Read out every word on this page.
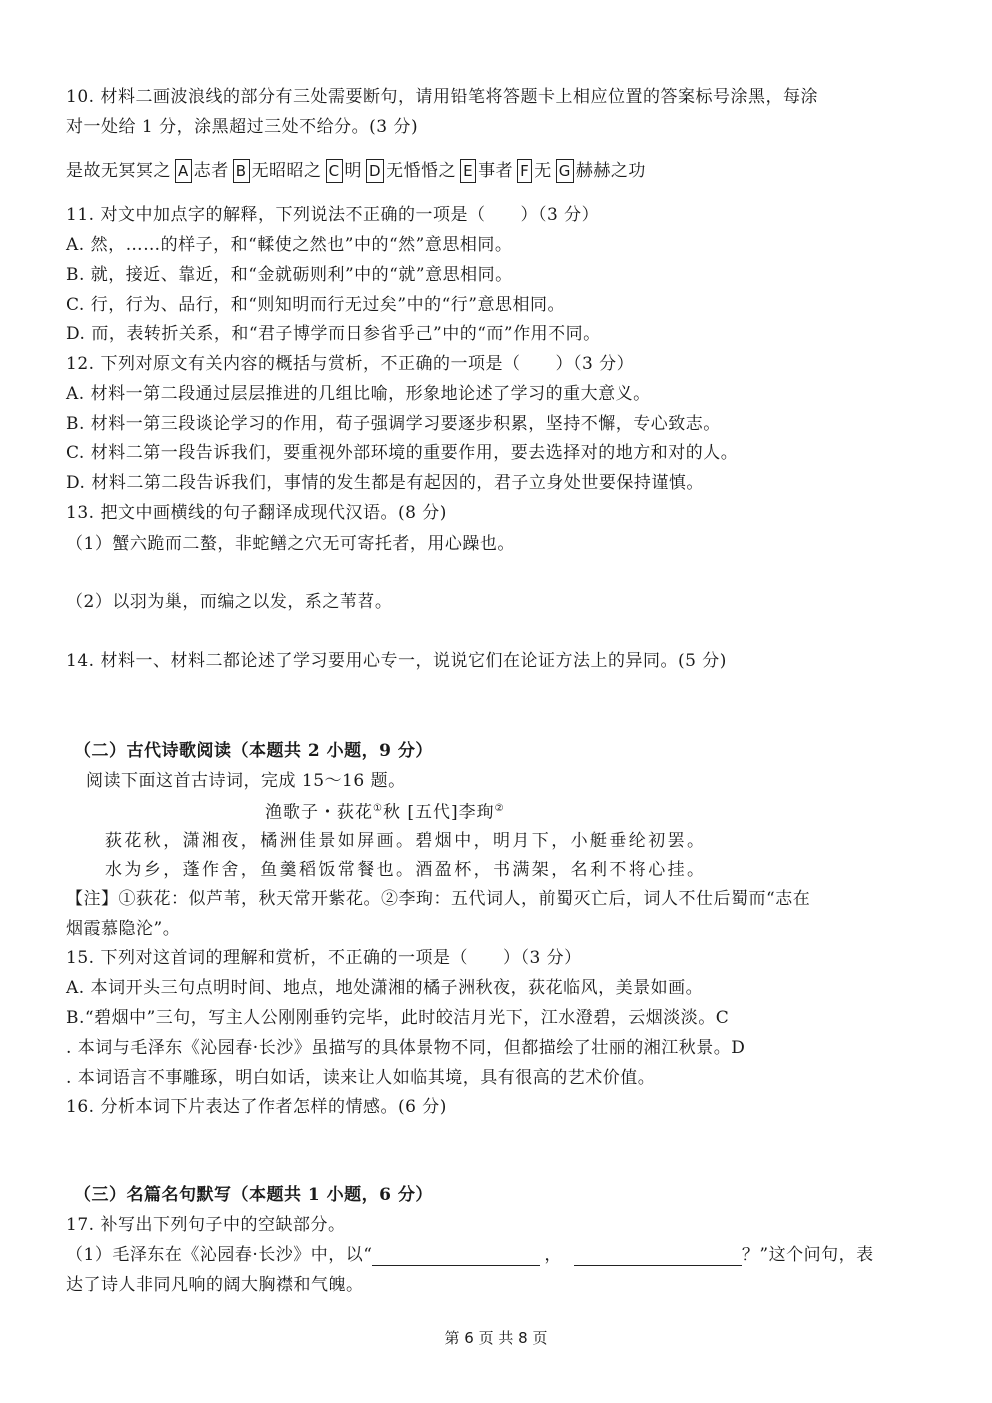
10. 材料二画波浪线的部分有三处需要断句，请用铅笔将答题卡上相应位置的答案标号涂黑，每涂
对一处给 1 分，涂黑超过三处不给分。(3 分)
是故无冥冥之 A 志者 B 无昭昭之 C 明 D 无惛惛之 E 事者 F 无 G 赫赫之功
11. 对文中加点字的解释，下列说法不正确的一项是（　　）（3 分）
A. 然，……的样子，和“輮使之然也”中的“然”意思相同。
B. 就，接近、靠近，和“金就砺则利”中的“就”意思相同。
C. 行，行为、品行，和“则知明而行无过矣”中的“行”意思相同。
D. 而，表转折关系，和“君子博学而日参省乎己”中的“而”作用不同。
12. 下列对原文有关内容的概括与赏析，不正确的一项是（　　）（3 分）
A. 材料一第二段通过层层推进的几组比喻，形象地论述了学习的重大意义。
B. 材料一第三段谈论学习的作用，荀子强调学习要逐步积累，坚持不懈，专心致志。
C. 材料二第一段告诉我们，要重视外部环境的重要作用，要去选择对的地方和对的人。
D. 材料二第二段告诉我们，事情的发生都是有起因的，君子立身处世要保持谨慎。
13. 把文中画横线的句子翻译成现代汉语。(8 分)
（1）蟹六跪而二螯，非蛇鳝之穴无可寄托者，用心躁也。
（2）以羽为巢，而编之以发，系之苇苕。
14. 材料一、材料二都论述了学习要用心专一，说说它们在论证方法上的异同。(5 分)
（二）古代诗歌阅读（本题共 2 小题，9 分）
阅读下面这首古诗词，完成 15～16 题。
渔歌子・荻花①秋 [五代]李珣②
荻花秋，潇湘夜，橘洲佳景如屏画。碧烟中，明月下，小艇垂纶初罢。
水为乡，蓬作舍，鱼羹稻饭常餐也。酒盈杯，书满架，名利不将心挂。
【注】①荻花：似芦苇，秋天常开紫花。②李珣：五代词人，前蜀灭亡后，词人不仕后蜀而“志在
烟霞慕隐沦”。
15. 下列对这首词的理解和赏析，不正确的一项是（　　）（3 分）
A. 本词开头三句点明时间、地点，地处潇湘的橘子洲秋夜，荻花临风，美景如画。
B.“碧烟中”三句，写主人公刚刚垂钓完毕，此时皎洁月光下，江水澄碧，云烟淡淡。C
. 本词与毛泽东《沁园春·长沙》虽描写的具体景物不同，但都描绘了壮丽的湘江秋景。D
. 本词语言不事雕琢，明白如话，读来让人如临其境，具有很高的艺术价值。
16. 分析本词下片表达了作者怎样的情感。(6 分)
（三）名篇名句默写（本题共 1 小题，6 分）
17. 补写出下列句子中的空缺部分。
（1）毛泽东在《沁园春·长沙》中，以“	，	？”这个问句，表
达了诗人非同凡响的阔大胸襟和气魄。
第 6 页 共 8 页
